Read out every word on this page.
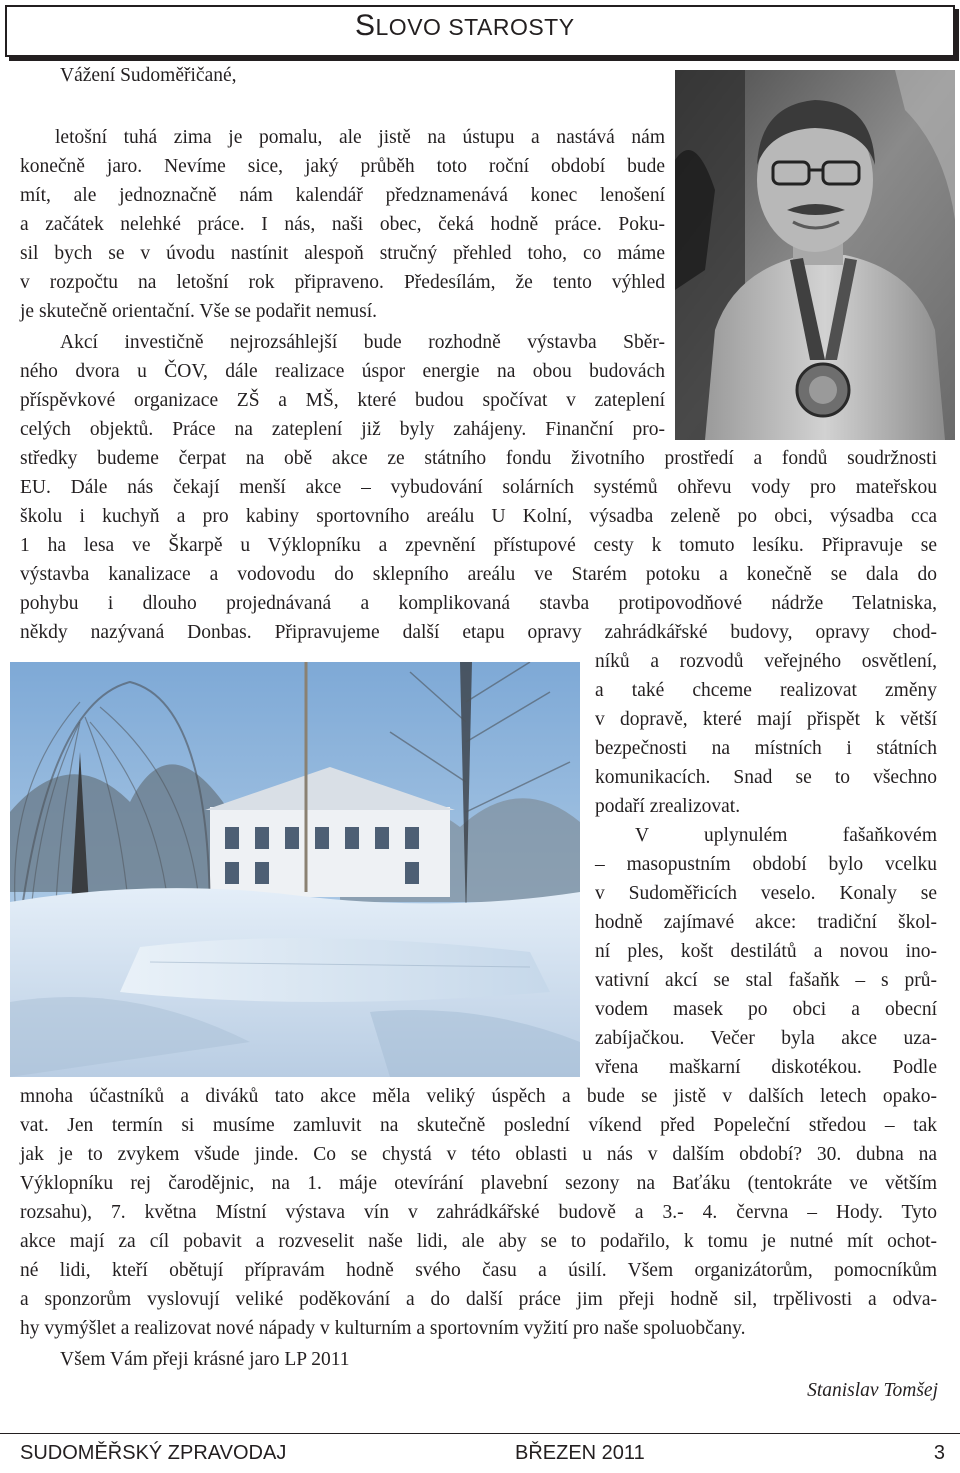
SLOVO STAROSTY
Vážení Sudoměřičané,
letošní tuhá zima je pomalu, ale jistě na ústupu a nastává nám
konečně jaro. Nevíme sice, jaký průběh toto roční období bude
mít, ale jednoznačně nám kalendář předznamenává konec lenošení
a začátek nelehké práce. I nás, naši obec, čeká hodně práce. Poku-
sil bych se v úvodu nastínit alespoň stručný přehled toho, co máme
v rozpočtu na letošní rok připraveno. Předesílám, že tento výhled
je skutečně orientační. Vše se podařit nemusí.
Akcí investičně nejrozsáhlejší bude rozhodně výstavba Sběr-
ného dvora u ČOV, dále realizace úspor energie na obou budovách
příspěvkové organizace ZŠ a MŠ, které budou spočívat v zateplení
celých objektů. Práce na zateplení již byly zahájeny. Finanční pro-
středky budeme čerpat na obě akce ze státního fondu životního prostředí a fondů soudržnosti
EU. Dále nás čekají menší akce – vybudování solárních systémů ohřevu vody pro mateřskou
školu i kuchyň a pro kabiny sportovního areálu U Kolní, výsadba zeleně po obci, výsadba cca
1 ha lesa ve Škarpě u Výklopníku a zpevnění přístupové cesty k tomuto lesíku. Připravuje se
výstavba kanalizace a vodovodu do sklepního areálu ve Starém potoku a konečně se dala do
pohybu i dlouho projednávaná a komplikovaná stavba protipovodňové nádrže Telatniska,
někdy nazývaná Donbas. Připravujeme další etapu opravy zahrádkářské budovy, opravy chod-
níků a rozvodů veřejného osvětlení,
a také chceme realizovat změny
v dopravě, které mají přispět k větší
bezpečnosti na místních i státních
komunikacích. Snad se to všechno
podaří zrealizovat.
V uplynulém fašaňkovém
– masopustním období bylo vcelku
v Sudoměřicích veselo. Konaly se
hodně zajímavé akce: tradiční škol-
ní ples, košt destilátů a novou ino-
vativní akcí se stal fašaňk – s prů-
vodem masek po obci a obecní
zabíjačkou. Večer byla akce uza-
vřena maškarní diskotékou. Podle
mnoha účastníků a diváků tato akce měla veliký úspěch a bude se jistě v dalších letech opako-
vat. Jen termín si musíme zamluvit na skutečně poslední víkend před Popeleční středou – tak
jak je to zvykem všude jinde. Co se chystá v této oblasti u nás v dalším období? 30. dubna na
Výklopníku rej čarodějnic, na 1. máje otevírání plavební sezony na Baťáku (tentokráte ve větším
rozsahu), 7. května Místní výstava vín v zahrádkářské budově a 3.- 4. června – Hody. Tyto
akce mají za cíl pobavit a rozveselit naše lidi, ale aby se to podařilo, k tomu je nutné mít ochot-
né lidi, kteří obětují přípravám hodně svého času a úsilí. Všem organizátorům, pomocníkům
a sponzorům vyslovují veliké poděkování a do další práce jim přeji hodně sil, trpělivosti a odva-
hy vymýšlet a realizovat nové nápady v kulturním a sportovním vyžití pro naše spoluobčany.
Všem Vám přeji krásné jaro LP 2011
Stanislav Tomšej
SUDOMĚŘSKÝ ZPRAVODAJ	BŘEZEN 2011	3
